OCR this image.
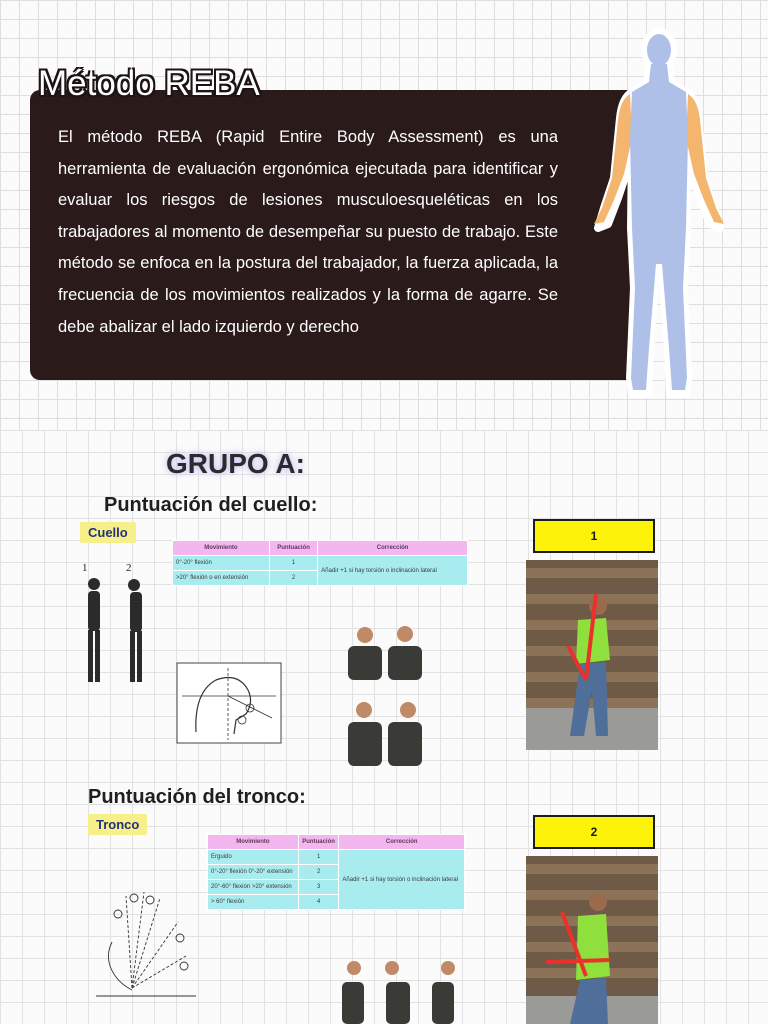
Método REBA

El método REBA (Rapid Entire Body Assessment) es una herramienta de evaluación ergonómica ejecutada para identificar y evaluar los riesgos de lesiones musculoesqueléticas en los trabajadores al momento de desempeñar su puesto de trabajo. Este método se enfoca en la postura del trabajador, la fuerza aplicada, la frecuencia de los movimientos realizados y la forma de agarre. Se debe abalizar el lado izquierdo y derecho

GRUPO A:
Puntuación del cuello:
Cuello
1	2
Movimiento	Puntuación	Corrección
0°-20° flexión	1	Añadir +1 si hay torsión o inclinación lateral
>20° flexión o en extensión	2	
1
Puntuación del tronco:
Tronco
Movimiento	Puntuación	Corrección
Erguido	1	Añadir +1 si hay torsión o inclinación lateral
0°-20° flexión 0°-20° extensión	2	
20°-60° flexión >20° extensión	3	
> 60° flexión	4	
2
